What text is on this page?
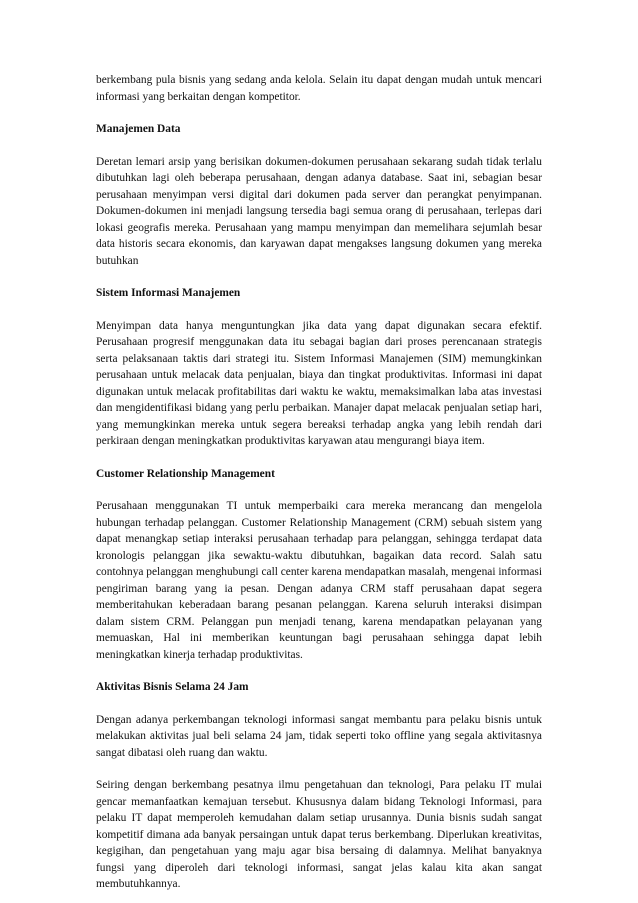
berkembang pula bisnis yang sedang anda kelola. Selain itu dapat dengan mudah untuk mencari informasi yang berkaitan dengan kompetitor.

Manajemen Data

Deretan lemari arsip yang berisikan dokumen-dokumen perusahaan sekarang sudah tidak terlalu dibutuhkan lagi oleh beberapa perusahaan, dengan adanya database. Saat ini, sebagian besar perusahaan menyimpan versi digital dari dokumen pada server dan perangkat penyimpanan. Dokumen-dokumen ini menjadi langsung tersedia bagi semua orang di perusahaan, terlepas dari lokasi geografis mereka. Perusahaan yang mampu menyimpan dan memelihara sejumlah besar data historis secara ekonomis, dan karyawan dapat mengakses langsung dokumen yang mereka butuhkan

Sistem Informasi Manajemen

Menyimpan data hanya menguntungkan jika data yang dapat digunakan secara efektif. Perusahaan progresif menggunakan data itu sebagai bagian dari proses perencanaan strategis serta pelaksanaan taktis dari strategi itu. Sistem Informasi Manajemen (SIM) memungkinkan perusahaan untuk melacak data penjualan, biaya dan tingkat produktivitas. Informasi ini dapat digunakan untuk melacak profitabilitas dari waktu ke waktu, memaksimalkan laba atas investasi dan mengidentifikasi bidang yang perlu perbaikan. Manajer dapat melacak penjualan setiap hari, yang memungkinkan mereka untuk segera bereaksi terhadap angka yang lebih rendah dari perkiraan dengan meningkatkan produktivitas karyawan atau mengurangi biaya item.

Customer Relationship Management

Perusahaan menggunakan TI untuk memperbaiki cara mereka merancang dan mengelola hubungan terhadap pelanggan. Customer Relationship Management (CRM) sebuah sistem yang dapat menangkap setiap interaksi perusahaan terhadap para pelanggan, sehingga terdapat data kronologis pelanggan jika sewaktu-waktu dibutuhkan, bagaikan data record. Salah satu contohnya pelanggan menghubungi call center karena mendapatkan masalah, mengenai informasi pengiriman barang yang ia pesan. Dengan adanya CRM staff perusahaan dapat segera memberitahukan keberadaan barang pesanan pelanggan. Karena seluruh interaksi disimpan dalam sistem CRM. Pelanggan pun menjadi tenang, karena mendapatkan pelayanan yang memuaskan, Hal ini memberikan keuntungan bagi perusahaan sehingga dapat lebih meningkatkan kinerja terhadap produktivitas.

Aktivitas Bisnis Selama 24 Jam

Dengan adanya perkembangan teknologi informasi sangat membantu para pelaku bisnis untuk melakukan aktivitas jual beli selama 24 jam, tidak seperti toko offline yang segala aktivitasnya sangat dibatasi oleh ruang dan waktu.

Seiring dengan berkembang pesatnya ilmu pengetahuan dan teknologi, Para pelaku IT mulai gencar memanfaatkan kemajuan tersebut. Khususnya dalam bidang Teknologi Informasi, para pelaku IT dapat memperoleh kemudahan dalam setiap urusannya. Dunia bisnis sudah sangat kompetitif dimana ada banyak persaingan untuk dapat terus berkembang. Diperlukan kreativitas, kegigihan, dan pengetahuan yang maju agar bisa bersaing di dalamnya. Melihat banyaknya fungsi yang diperoleh dari teknologi informasi, sangat jelas kalau kita akan sangat membutuhkannya.
